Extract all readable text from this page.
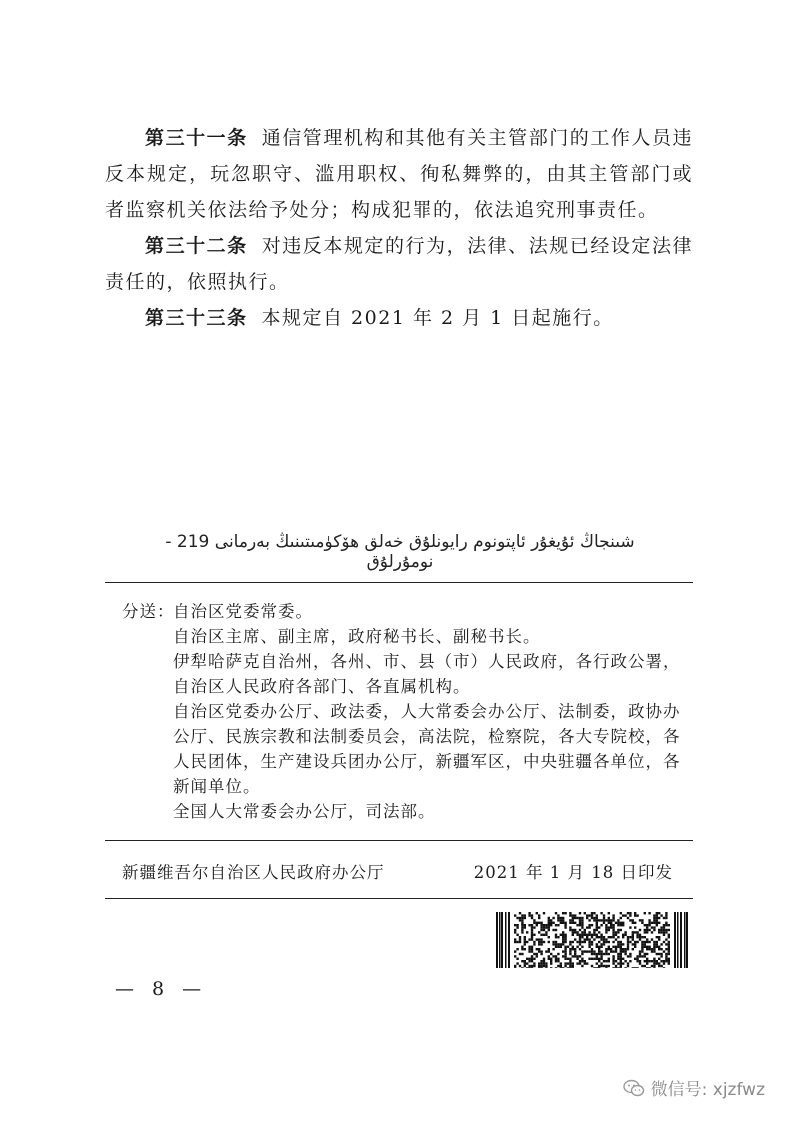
第三十一条 通信管理机构和其他有关主管部门的工作人员违反本规定，玩忽职守、滥用职权、徇私舞弊的，由其主管部门或者监察机关依法给予处分；构成犯罪的，依法追究刑事责任。

第三十二条 对违反本规定的行为，法律、法规已经设定法律责任的，依照执行。

第三十三条 本规定自 2021 年 2 月 1 日起施行。

شىنجاڭ ئۇيغۇر ئاپتونوم رايونلۇق خەلق ھۆكۈمىتىنىڭ بەرمانى 219 - نومۇرلۇق
分送：

自治区党委常委。

自治区主席、副主席，政府秘书长、副秘书长。

伊犁哈萨克自治州，各州、市、县（市）人民政府，各行政公署，自治区人民政府各部门、各直属机构。

自治区党委办公厅、政法委，人大常委会办公厅、法制委，政协办公厅、民族宗教和法制委员会，高法院，检察院，各大专院校，各人民团体，生产建设兵团办公厅，新疆军区，中央驻疆各单位，各新闻单位。

全国人大常委会办公厅，司法部。

新疆维吾尔自治区人民政府办公厅	2021 年 1 月 18 日印发
— 8 —
微信号: xjzfwz
